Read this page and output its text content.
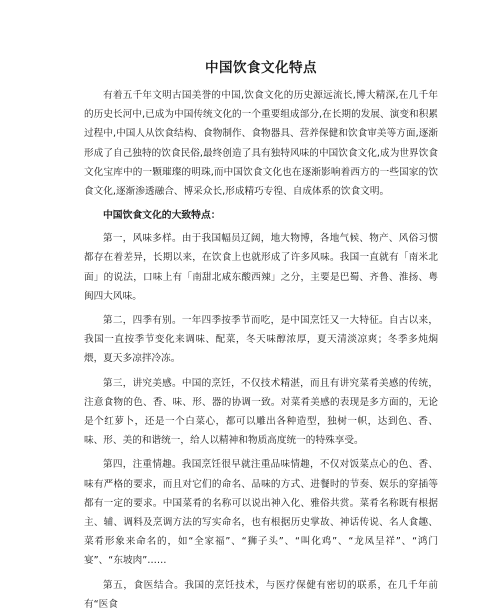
中国饮食文化特点

有着五千年文明古国美誉的中国,饮食文化的历史源远流长,博大精深,在几千年的历史长河中,已成为中国传统文化的一个重要组成部分,在长期的发展、演变和积累过程中,中国人从饮食结构、食物制作、食物器具、营养保健和饮食审美等方面,逐渐形成了自己独特的饮食民俗,最终创造了具有独特风味的中国饮食文化,成为世界饮食文化宝库中的一颗璀璨的明珠,而中国饮食文化也在逐渐影响着西方的一些国家的饮食文化,逐渐渗透融合、博采众长,形成精巧专徨、自成体系的饮食文明。

中国饮食文化的大致特点：

第一，风味多样。由于我国幅员辽阔，地大物博，各地气候、物产、风俗习惯都存在着差异，长期以来，在饮食上也就形成了许多风味。我国一直就有「南米北面」的说法，口味上有「南甜北咸东酸西辣」之分，主要是巴蜀、齐鲁、淮扬、粤闽四大风味。

第二，四季有别。一年四季按季节而吃，是中国烹饪又一大特征。自古以来，我国一直按季节变化来调味、配菜，冬天味醇浓厚，夏天清淡凉爽；冬季多炖焖煨，夏天多凉拌冷冻。

第三，讲究美感。中国的烹饪，不仅技术精湛，而且有讲究菜肴美感的传统，注意食物的色、香、味、形、器的协调一致。对菜肴美感的表现是多方面的，无论是个红萝卜，还是一个白菜心，都可以雕出各种造型，独树一帜，达到色、香、味、形、美的和谐统一，给人以精神和物质高度统一的特殊享受。

第四，注重情趣。我国烹饪很早就注重品味情趣，不仅对饭菜点心的色、香、味有严格的要求，而且对它们的命名、品味的方式、进餐时的节奏、娱乐的穿插等都有一定的要求。中国菜肴的名称可以说出神入化、雅俗共赏。菜肴名称既有根据主、辅、调料及烹调方法的写实命名，也有根据历史掌故、神话传说、名人食趣、菜肴形象来命名的，如“全家福”、“狮子头”、“叫化鸡”、“龙凤呈祥”、“鸿门宴”、“东坡肉”……

第五，食医结合。我国的烹饪技术，与医疗保健有密切的联系，在几千年前有“医食
